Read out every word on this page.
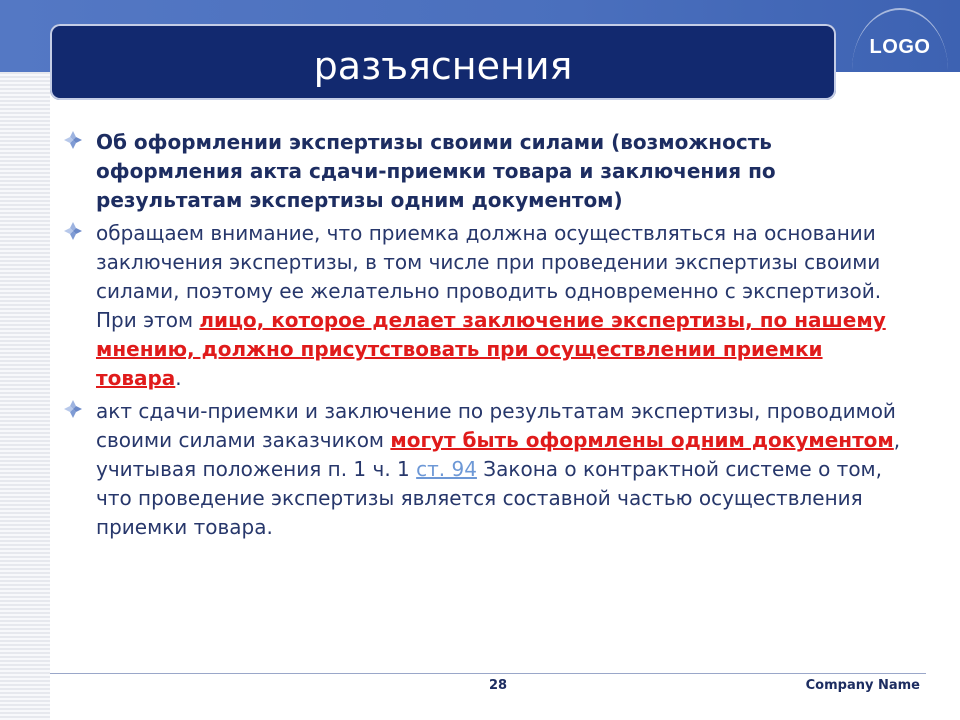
LOGO
разъяснения
Об оформлении экспертизы своими силами (возможность оформления акта сдачи-приемки товара и заключения по результатам экспертизы одним документом)
обращаем внимание, что приемка должна осуществляться на основании заключения экспертизы, в том числе при проведении экспертизы своими силами, поэтому ее желательно проводить одновременно с экспертизой. При этом лицо, которое делает заключение экспертизы, по нашему мнению, должно присутствовать при осуществлении приемки товара.
акт сдачи-приемки и заключение по результатам экспертизы, проводимой своими силами заказчиком могут быть оформлены одним документом, учитывая положения п. 1 ч. 1 ст. 94 Закона о контрактной системе о том, что проведение экспертизы является составной частью осуществления приемки товара.
28	Company Name
